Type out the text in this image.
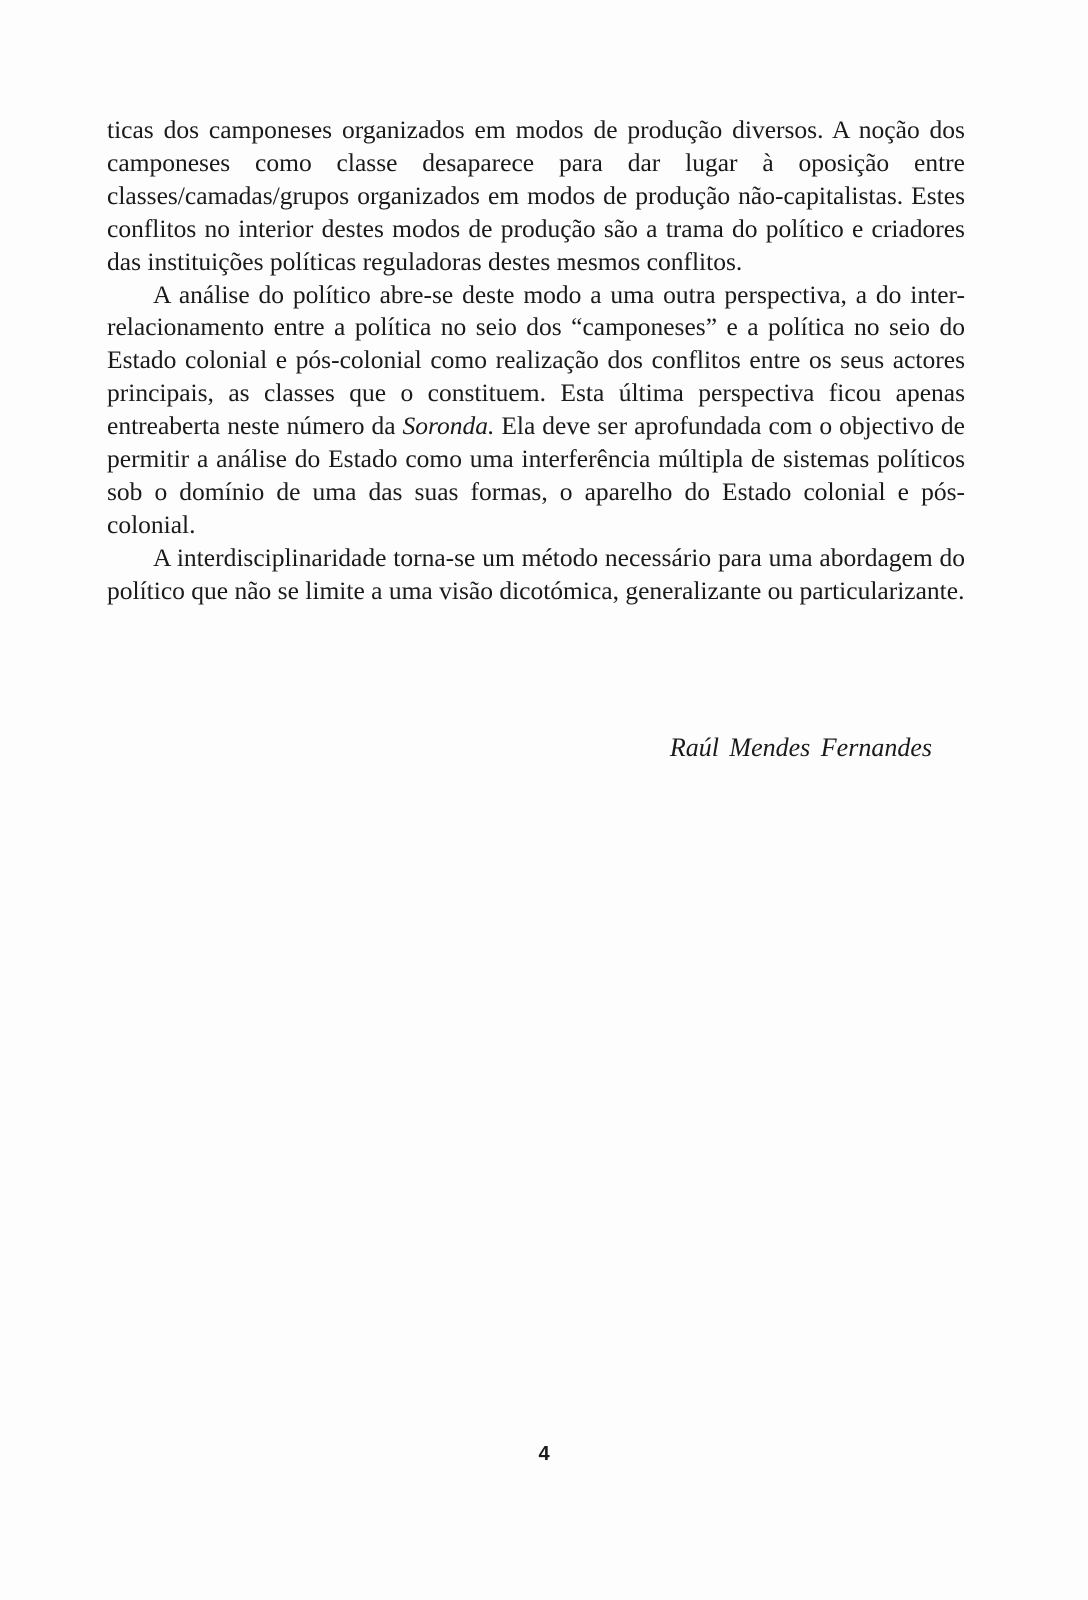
ticas dos camponeses organizados em modos de produção diversos. A noção dos camponeses como classe desaparece para dar lugar à oposição entre classes/camadas/grupos organizados em modos de produção não-capitalistas. Estes conflitos no interior destes modos de produção são a trama do político e criadores das instituições políticas reguladoras destes mesmos conflitos.

A análise do político abre-se deste modo a uma outra perspectiva, a do inter-relacionamento entre a política no seio dos “camponeses” e a política no seio do Estado colonial e pós-colonial como realização dos conflitos entre os seus actores principais, as classes que o constituem. Esta última perspectiva ficou apenas entreaberta neste número da Soronda. Ela deve ser aprofundada com o objectivo de permitir a análise do Estado como uma interferência múltipla de sistemas políticos sob o domínio de uma das suas formas, o aparelho do Estado colonial e pós-colonial.

A interdisciplinaridade torna-se um método necessário para uma abordagem do político que não se limite a uma visão dicotómica, generalizante ou particularizante.

Raúl Mendes Fernandes
4
